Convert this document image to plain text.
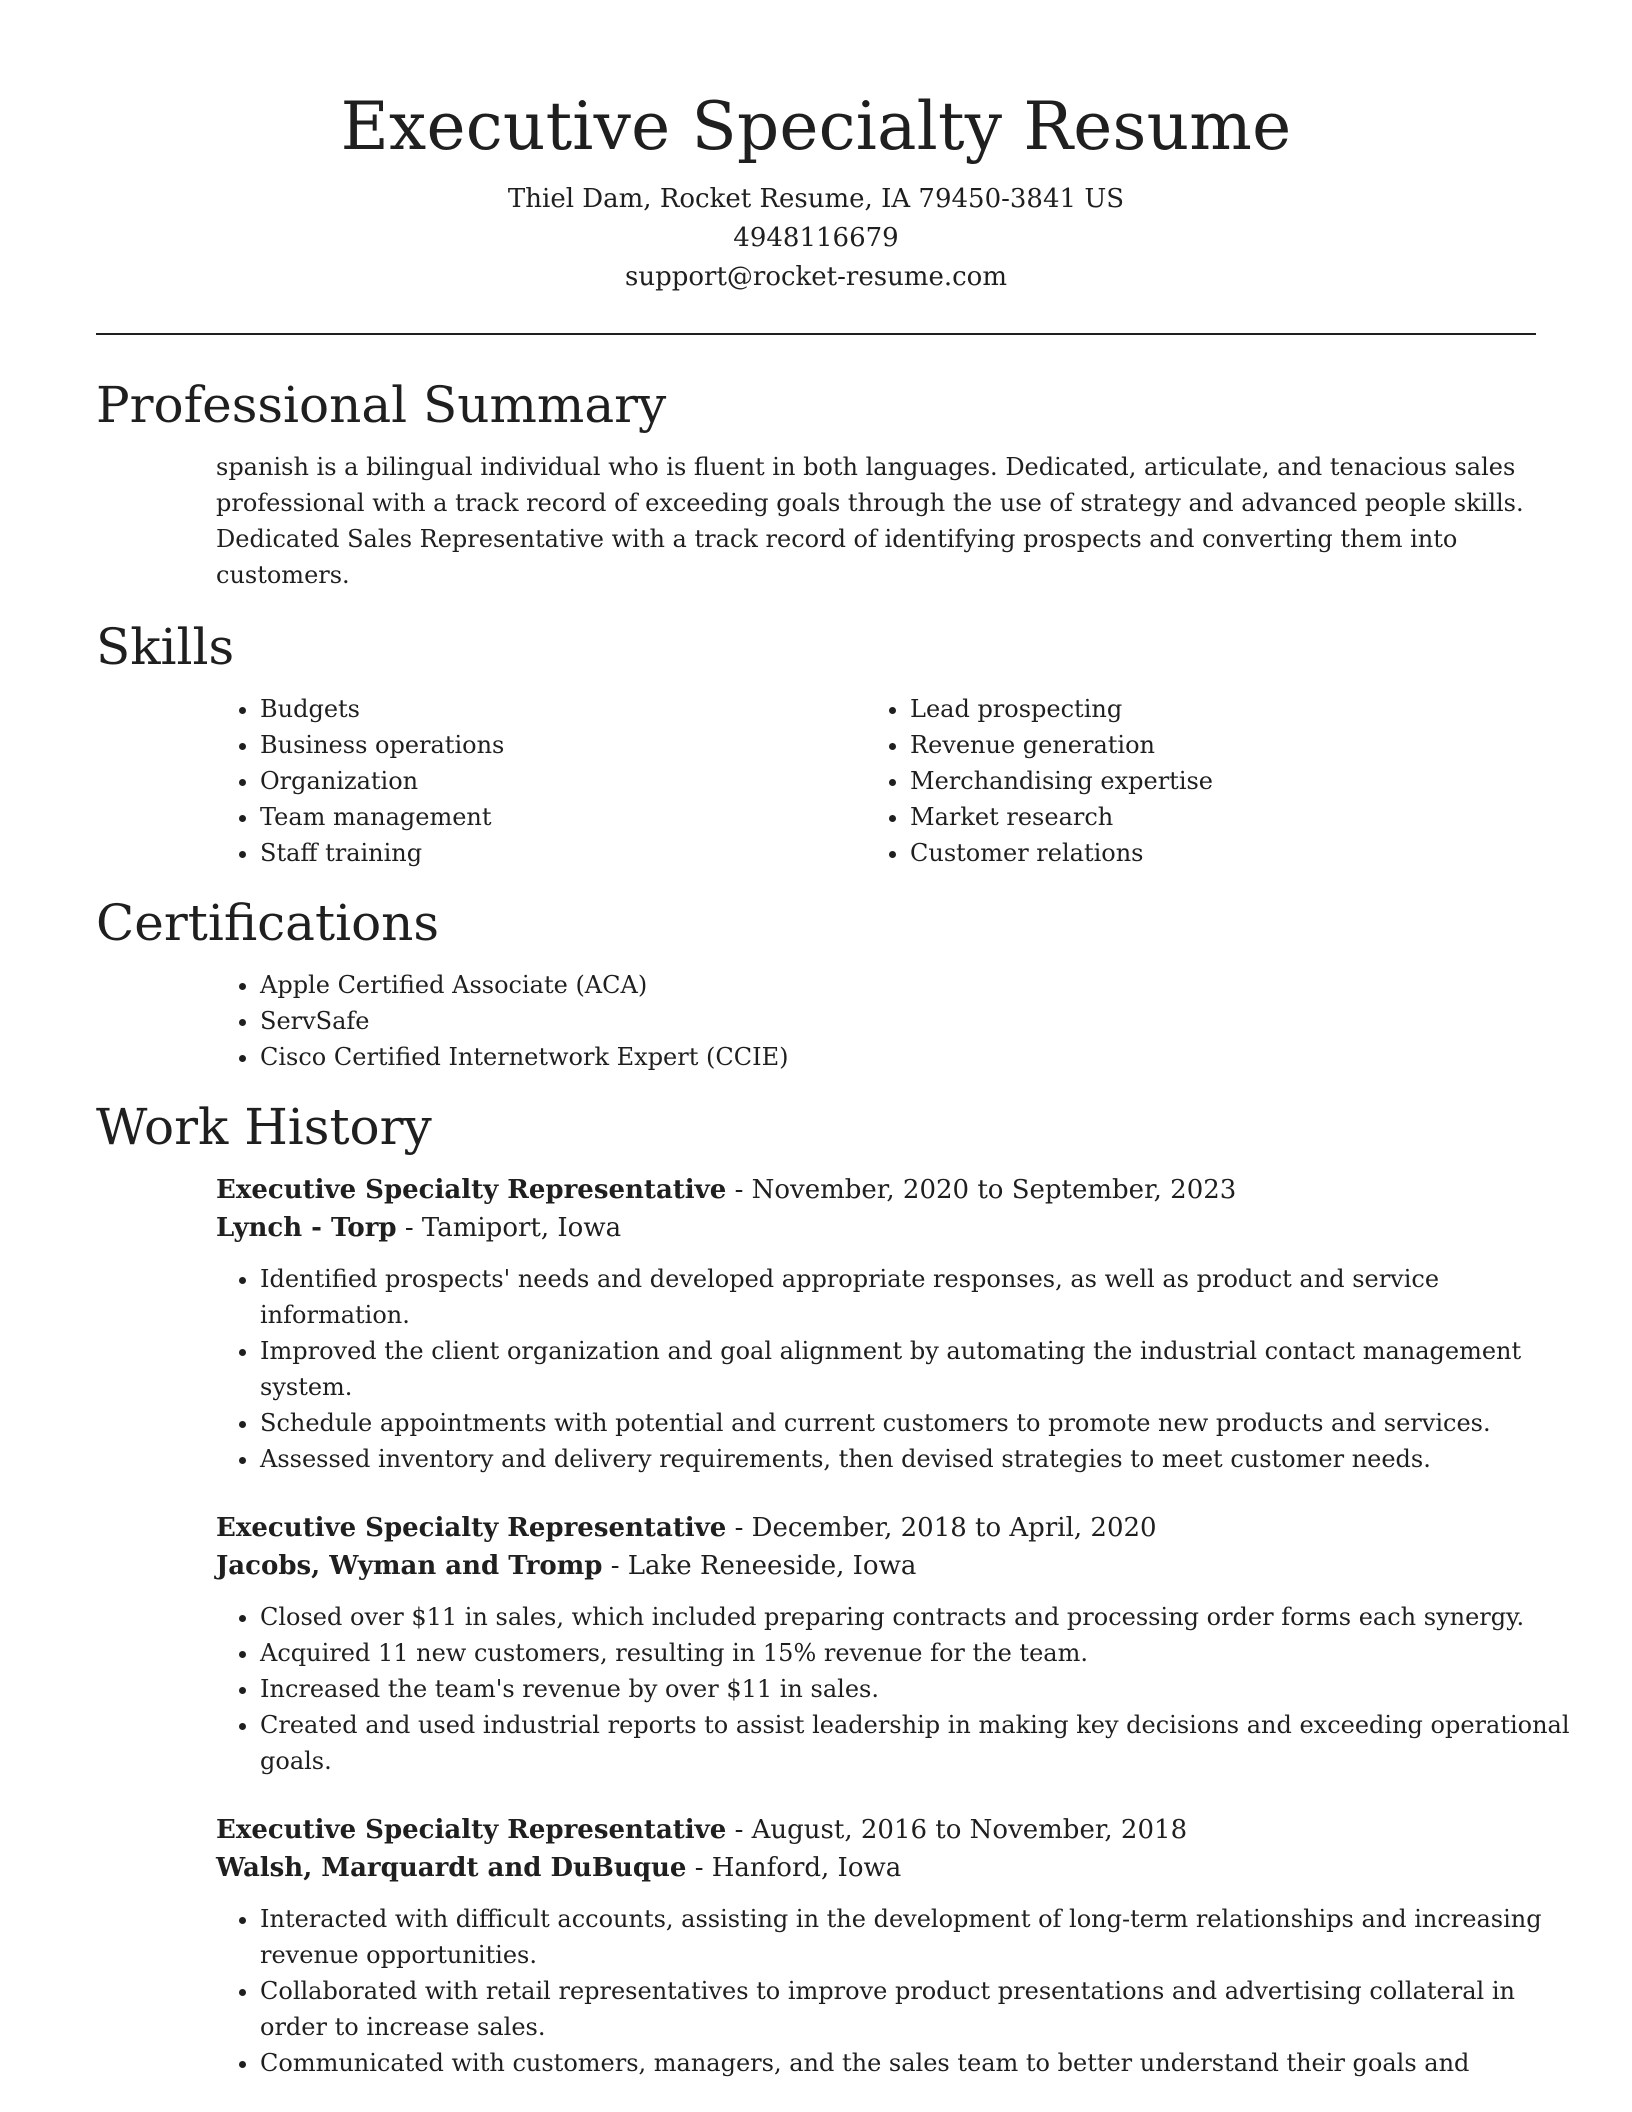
Executive Specialty Resume
Thiel Dam, Rocket Resume, IA 79450-3841 US
4948116679
support@rocket-resume.com
Professional Summary
spanish is a bilingual individual who is fluent in both languages. Dedicated, articulate, and tenacious sales professional with a track record of exceeding goals through the use of strategy and advanced people skills. Dedicated Sales Representative with a track record of identifying prospects and converting them into customers.
Skills
• Budgets
• Business operations
• Organization
• Team management
• Staff training
• Lead prospecting
• Revenue generation
• Merchandising expertise
• Market research
• Customer relations
Certifications
• Apple Certified Associate (ACA)
• ServSafe
• Cisco Certified Internetwork Expert (CCIE)
Work History
Executive Specialty Representative - November, 2020 to September, 2023
Lynch - Torp - Tamiport, Iowa
• Identified prospects' needs and developed appropriate responses, as well as product and service information.
• Improved the client organization and goal alignment by automating the industrial contact management system.
• Schedule appointments with potential and current customers to promote new products and services.
• Assessed inventory and delivery requirements, then devised strategies to meet customer needs.
Executive Specialty Representative - December, 2018 to April, 2020
Jacobs, Wyman and Tromp - Lake Reneeside, Iowa
• Closed over $11 in sales, which included preparing contracts and processing order forms each synergy.
• Acquired 11 new customers, resulting in 15% revenue for the team.
• Increased the team's revenue by over $11 in sales.
• Created and used industrial reports to assist leadership in making key decisions and exceeding operational goals.
Executive Specialty Representative - August, 2016 to November, 2018
Walsh, Marquardt and DuBuque - Hanford, Iowa
• Interacted with difficult accounts, assisting in the development of long-term relationships and increasing revenue opportunities.
• Collaborated with retail representatives to improve product presentations and advertising collateral in order to increase sales.
• Communicated with customers, managers, and the sales team to better understand their goals and
